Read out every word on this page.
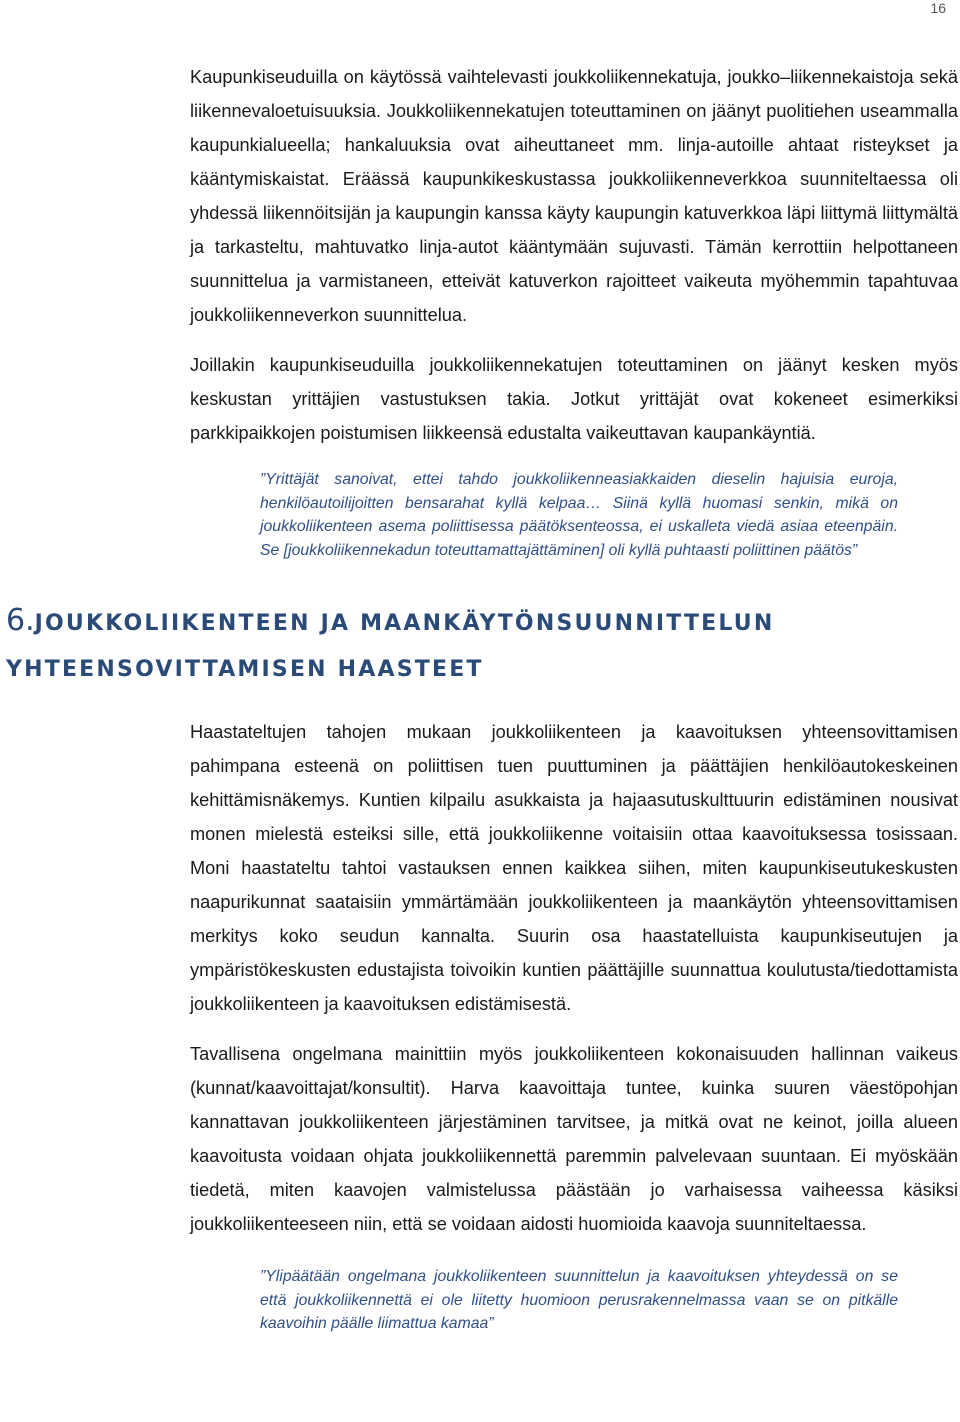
16

Kaupunkiseuduilla on käytössä vaihtelevasti joukkoliikennekatuja, joukko–liikennekaistoja sekä liikennevaloetuisuuksia. Joukkoliikennekatujen toteuttaminen on jäänyt puolitiehen useammalla kaupunkialueella; hankaluuksia ovat aiheuttaneet mm. linja-autoille ahtaat risteykset ja kääntymiskaistat. Eräässä kaupunkikeskustassa joukkoliikenneverkkoa suunniteltaessa oli yhdessä liikennöitsijän ja kaupungin kanssa käyty kaupungin katuverkkoa läpi liittymä liittymältä ja tarkasteltu, mahtuvatko linja-autot kääntymään sujuvasti. Tämän kerrottiin helpottaneen suunnittelua ja varmistaneen, etteivät katuverkon rajoitteet vaikeuta myöhemmin tapahtuvaa joukkoliikenneverkon suunnittelua.

Joillakin kaupunkiseuduilla joukkoliikennekatujen toteuttaminen on jäänyt kesken myös keskustan yrittäjien vastustuksen takia. Jotkut yrittäjät ovat kokeneet esimerkiksi parkkipaikkojen poistumisen liikkeensä edustalta vaikeuttavan kaupankäyntiä.

”Yrittäjät sanoivat, ettei tahdo joukkoliikenneasiakkaiden dieselin hajuisia euroja, henkilöautoilijoitten bensarahat kyllä kelpaa… Siinä kyllä huomasi senkin, mikä on joukkoliikenteen asema poliittisessa päätöksenteossa, ei uskalleta viedä asiaa eteenpäin. Se [joukkoliikennekadun toteuttamattajättäminen] oli kyllä puhtaasti poliittinen päätös”

6.JOUKKOLIIKENTEEN JA MAANKÄYTÖNSUUNNITTELUN
YHTEENSOVITTAMISEN HAASTEET

Haastateltujen tahojen mukaan joukkoliikenteen ja kaavoituksen yhteensovittamisen pahimpana esteenä on poliittisen tuen puuttuminen ja päättäjien henkilöautokeskeinen kehittämisnäkemys. Kuntien kilpailu asukkaista ja hajaasutuskulttuurin edistäminen nousivat monen mielestä esteiksi sille, että joukkoliikenne voitaisiin ottaa kaavoituksessa tosissaan. Moni haastateltu tahtoi vastauksen ennen kaikkea siihen, miten kaupunkiseutukeskusten naapurikunnat saataisiin ymmärtämään joukkoliikenteen ja maankäytön yhteensovittamisen merkitys koko seudun kannalta. Suurin osa haastatelluista kaupunkiseutujen ja ympäristökeskusten edustajista toivoikin kuntien päättäjille suunnattua koulutusta/tiedottamista joukkoliikenteen ja kaavoituksen edistämisestä.

Tavallisena ongelmana mainittiin myös joukkoliikenteen kokonaisuuden hallinnan vaikeus (kunnat/kaavoittajat/konsultit). Harva kaavoittaja tuntee, kuinka suuren väestöpohjan kannattavan joukkoliikenteen järjestäminen tarvitsee, ja mitkä ovat ne keinot, joilla alueen kaavoitusta voidaan ohjata joukkoliikennettä paremmin palvelevaan suuntaan. Ei myöskään tiedetä, miten kaavojen valmistelussa päästään jo varhaisessa vaiheessa käsiksi joukkoliikenteeseen niin, että se voidaan aidosti huomioida kaavoja suunniteltaessa.

”Ylipäätään ongelmana joukkoliikenteen suunnittelun ja kaavoituksen yhteydessä on se että joukkoliikennettä ei ole liitetty huomioon perusrakennelmassa vaan se on pitkälle kaavoihin päälle liimattua kamaa”
